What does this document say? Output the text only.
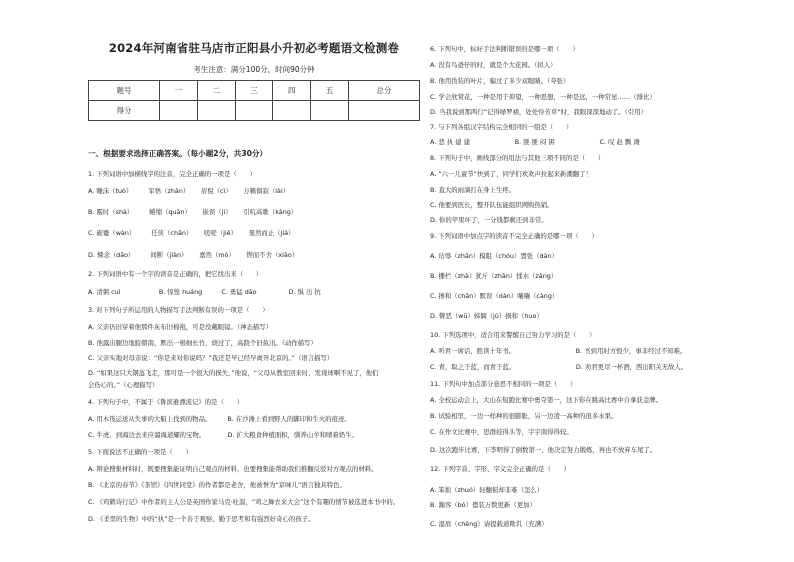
2024年河南省驻马店市正阳县小升初必考题语文检测卷
考生注意：满分100分，时间90分钟
题号	一	二	三	四	五	总分
得分						
一、根据要求选择正确答案。（每小题2分，共30分）
1. 下列词语中加横线字的注音，完全正确的一项是（　　）
A. 睡沫（tuò）　　　军悟（zhān）　　 眉倪（cì）　　 万籁俱寂（lài）
B. 霰时（shà）　　　蜷缩（quān）　　 嵌误（jì）　　 引吭高歌（kàng）
C. 砺蹙（wàn）　　　任侠（chān）　　 嗟嗟（jiē）　　 戛然而止（jiá）
D. 悚念（dāo）　　　间断（jiàn）　　 嘉然（mò）　　 锲而不舍（xiāo）
2. 下列词语中有一个字的读音是正确的，把它找出来（　　）
A. 清粥 cuì　　　　　　B. 惊惶 huáng　　　C. 勇猛 dāo　　　　　D. 惧 出 抗
3. 对下列句子所运用的人物描写手法判断有误的一项是（　　）
A. 父亲仍旧穿着他那件灰布旧棉袍，可是没戴眼镜。（神态描写）
B. 他露出腿边地脸朝南，默出一根细长竹，烧过了，高跷个旧鱼汛。（动作描写）
C. 父亲实地对母亲说：“你是来对你说吗？”我还是早已经早离开北京的。”（语言描写）
D. “如果这只大钢盔飞走，那可是一个很大的损失，”他说，“父母从教室回来时，发现球啊不见了，他们
会伤心的。”（心理描写）
4. 下列句子中，不属于《鲁滨逊漂流记》的是（　　）
A. 用木筏运送从失事的大船上找到的物品。　　　B. 在沙滩上看到野人的脚印和生火的痕迹。
C. 牛虎，到海边去来应溜海道耀的宝物。　　　　D. 扩大粮食种植面积，驯养山羊和晴着奶牛。
5. 下面说法不正确的一项是（　　）
A. 辩论搜集材料时，既要搜集能证明自己观点的材料，也要搜集能帮助我们推翻反驳对方观点的材料。
B. 《北京的春节》《茶馆》《四世同堂》的作者都是老舍，他被誉为“京味儿”语言独具特色。
C. 《鸡鹤诗行记》中作者的主人公是英国作家马克·吐温，“鸡之舞衣来大会”这个有趣的情节被选进本书中的。
D. 《柔里的生物》中的“执”是一个善于观察、勤于思考和有强烈好奇心的孩子。
6. 下列句中，标好手法判断错误的是哪一项（　　）
A. 没有鸟爸仔的时，就是个大花园。（拟人）
B. 他用伪装的叶片，骗过了多少双眼睛。（夸张）
C. 学会欣赏花，一种是用于仰望，一种思想，一种是远，一种常星……（排比）
D. 当我说到那两行“记得绿罗裙，处处怜芳草”时，我眼深深地动了。（引用）
7. 与下列各组汉字结构完全相同的一组是（　　）
A. 悲 执 建 建　　　　　　　B. 匪 匪 闷 困　　　　　　　C. 叹 赵 飘 滩
8. 下列句子中，画线部分的用法与其他三项不同的是（　　）
A. “六一儿童节”快到了，同学们欢欢声拉起来新潮翻了！
B. 直大的雨滴打在身上生疼。
C. 他要到医长，整开队伍能组织网购热销。
D. 你的苹果坏了，一分钱都剩还到非常。
9. 下列词语中加点字的读音不完全正确的是哪一项（　　）
A. 玷辱（zhān）模阻（chóu）置张（dàn）
B. 栅栏（zhà）犹斤（zhān）揉水（zǎng）
C. 掺和（chān）默误（dàn）嚷嚷（càng）
D. 瞥恶（wū）姊嫡（jù）损和（huo）
10. 下列选项中，适合用来警醒自己努力学习的是（　　）
A. 听君一席话，胜读十年书。　　　　　　　　　　B. 书到用时方恨少，事非经过不知难。
C. 青，取之于蓝，而青于蓝。　　　　　　　　　　D. 劝君更尽一杯酒，西出阳关无故人。
11. 下列句中加点部分意思不相同的一项是（　　）
A. 全校运动会上，大山在短跑比赛中勇夺第一，这下你在跳高比赛中自拿获金牌。
B. 试验相里，一边一样种的很膨胀，另一边凌一高种的很多水果。
C. 在作文比赛中，思群娃得头等，宇宇南得得较。
D. 这次跑步比赛，下李明得了倒数第一，他决定努力锻炼，再也不放弃车尾了。
12. 下列字音、字形、字义完全正确的是（　　）
A. 笨拙（zhuó）轻翻侃却非难（怎么）
B. 瀚客（bó）偬装万数更新（更加）
C. 湿肩（chēng）请提载道欺讥（充满）
